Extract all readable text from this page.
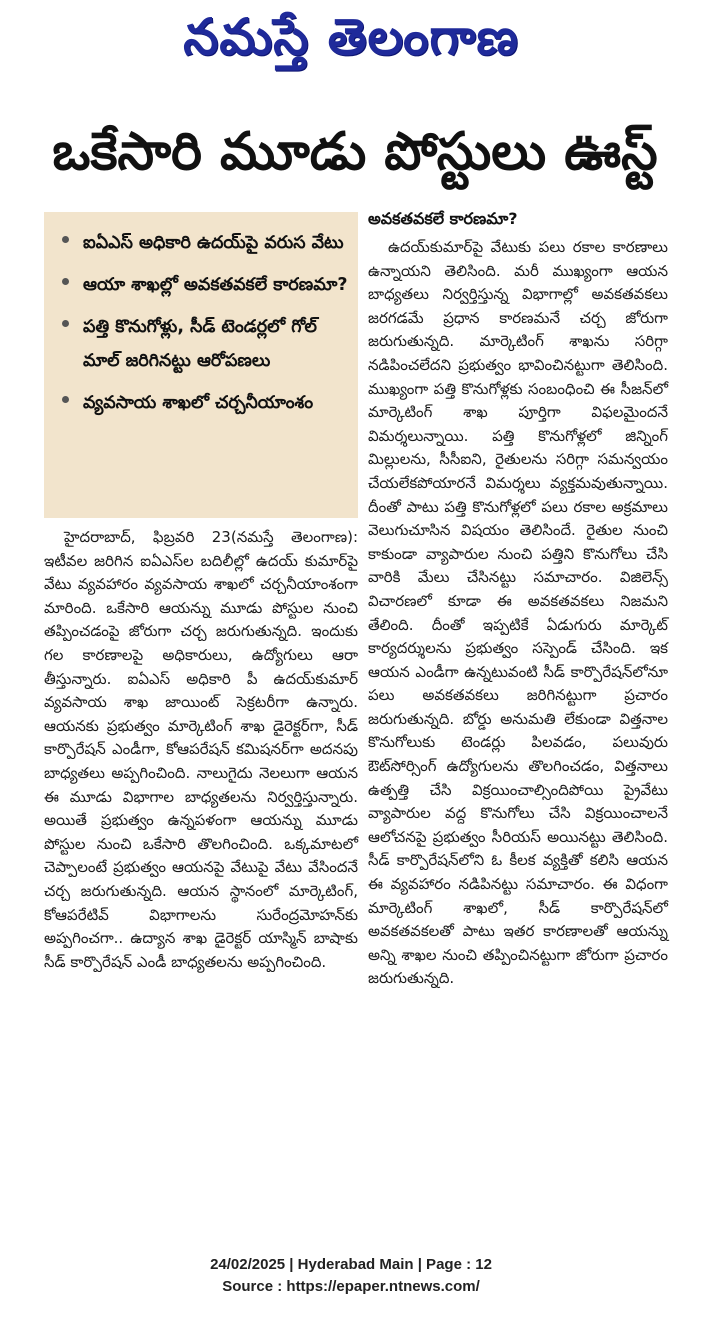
నమస్తే తెలంగాణ
ఒకేసారి మూడు పోస్టులు ఊస్ట్
ఐఏఎస్ అధికారి ఉదయ్‌పై వరుస వేటు
ఆయా శాఖల్లో అవకతవకలే కారణమా?
పత్తి కొనుగోళ్లు, సీడ్ టెండర్లలో గోల్ మాల్ జరిగినట్టు ఆరోపణలు
వ్యవసాయ శాఖలో చర్చనీయాంశం

హైదరాబాద్, ఫిబ్రవరి 23(నమస్తే తెలంగాణ): ఇటీవల జరిగిన ఐఏఎస్‌ల బదిలీల్లో ఉదయ్ కుమార్‌పై వేటు వ్యవహారం వ్యవసాయ శాఖలో చర్చనీయాంశంగా మారింది. ఒకేసారి ఆయన్ను మూడు పోస్టుల నుంచి తప్పించడంపై జోరుగా చర్చ జరుగుతున్నది. ఇందుకు గల కారణాలపై అధికారులు, ఉద్యోగులు ఆరా తీస్తున్నారు. ఐఏఎస్ అధికారి పీ ఉదయ్‌కుమార్ వ్యవసాయ శాఖ జాయింట్ సెక్రటరీగా ఉన్నారు. ఆయనకు ప్రభుత్వం మార్కెటింగ్ శాఖ డైరెక్టర్‌గా, సీడ్ కార్పొరేషన్ ఎండీగా, కోఆపరేషన్ కమిషనర్‌గా అదనపు బాధ్యతలు అప్పగించింది. నాలుగైదు నెలలుగా ఆయన ఈ మూడు విభాగాల బాధ్యతలను నిర్వర్తిస్తున్నారు. అయితే ప్రభుత్వం ఉన్నపళంగా ఆయన్ను మూడు పోస్టుల నుంచి ఒకేసారి తొలగించింది. ఒక్కమాటలో చెప్పాలంటే ప్రభుత్వం ఆయనపై వేటుపై వేటు వేసిందనే చర్చ జరుగుతున్నది. ఆయన స్థానంలో మార్కెటింగ్, కోఆపరేటివ్ విభాగాలను సురేంద్రమోహన్‌కు అప్పగించగా.. ఉద్యాన శాఖ డైరెక్టర్ యాస్మిన్ బాషాకు సీడ్ కార్పొరేషన్ ఎండీ బాధ్యతలను అప్పగించింది.

అవకతవకలే కారణమా?

ఉదయ్‌కుమార్‌పై వేటుకు పలు రకాల కారణాలు ఉన్నాయని తెలిసింది. మరీ ముఖ్యంగా ఆయన బాధ్యతలు నిర్వర్తిస్తున్న విభాగాల్లో అవకతవకలు జరగడమే ప్రధాన కారణమనే చర్చ జోరుగా జరుగుతున్నది. మార్కెటింగ్ శాఖను సరిగ్గా నడిపించలేదని ప్రభుత్వం భావించినట్టుగా తెలిసింది. ముఖ్యంగా పత్తి కొనుగోళ్లకు సంబంధించి ఈ సీజన్‌లో మార్కెటింగ్ శాఖ పూర్తిగా విఫలమైందనే విమర్శలున్నాయి. పత్తి కొనుగోళ్లలో జిన్నింగ్ మిల్లులను, సీసీఐని, రైతులను సరిగ్గా సమన్వయం చేయలేకపోయారనే విమర్శలు వ్యక్తమవుతున్నాయి. దీంతో పాటు పత్తి కొనుగోళ్లలో పలు రకాల అక్రమాలు వెలుగుచూసిన విషయం తెలిసిందే. రైతుల నుంచి కాకుండా వ్యాపారుల నుంచి పత్తిని కొనుగోలు చేసి వారికి మేలు చేసినట్టు సమాచారం. విజిలెన్స్ విచారణలో కూడా ఈ అవకతవకలు నిజమని తేలింది. దీంతో ఇప్పటికే ఏడుగురు మార్కెట్ కార్యదర్శులను ప్రభుత్వం సస్పెండ్ చేసింది. ఇక ఆయన ఎండీగా ఉన్నటువంటి సీడ్ కార్పొరేషన్‌లోనూ పలు అవకతవకలు జరిగినట్టుగా ప్రచారం జరుగుతున్నది. బోర్డు అనుమతి లేకుండా విత్తనాల కొనుగోలుకు టెండర్లు పిలవడం, పలువురు ఔట్‌సోర్సింగ్ ఉద్యోగులను తొలగించడం, విత్తనాలు ఉత్పత్తి చేసి విక్రయించాల్సిందిపోయి ప్రైవేటు వ్యాపారుల వద్ద కొనుగోలు చేసి విక్రయించాలనే ఆలోచనపై ప్రభుత్వం సీరియస్ అయినట్టు తెలిసింది. సీడ్ కార్పొరేషన్‌లోని ఓ కీలక వ్యక్తితో కలిసి ఆయన ఈ వ్యవహారం నడిపినట్టు సమాచారం. ఈ విధంగా మార్కెటింగ్ శాఖలో, సీడ్ కార్పొరేషన్‌లో అవకతవకలతో పాటు ఇతర కారణాలతో ఆయన్ను అన్ని శాఖల నుంచి తప్పించినట్టుగా జోరుగా ప్రచారం జరుగుతున్నది.

24/02/2025 | Hyderabad Main | Page : 12
Source : https://epaper.ntnews.com/
